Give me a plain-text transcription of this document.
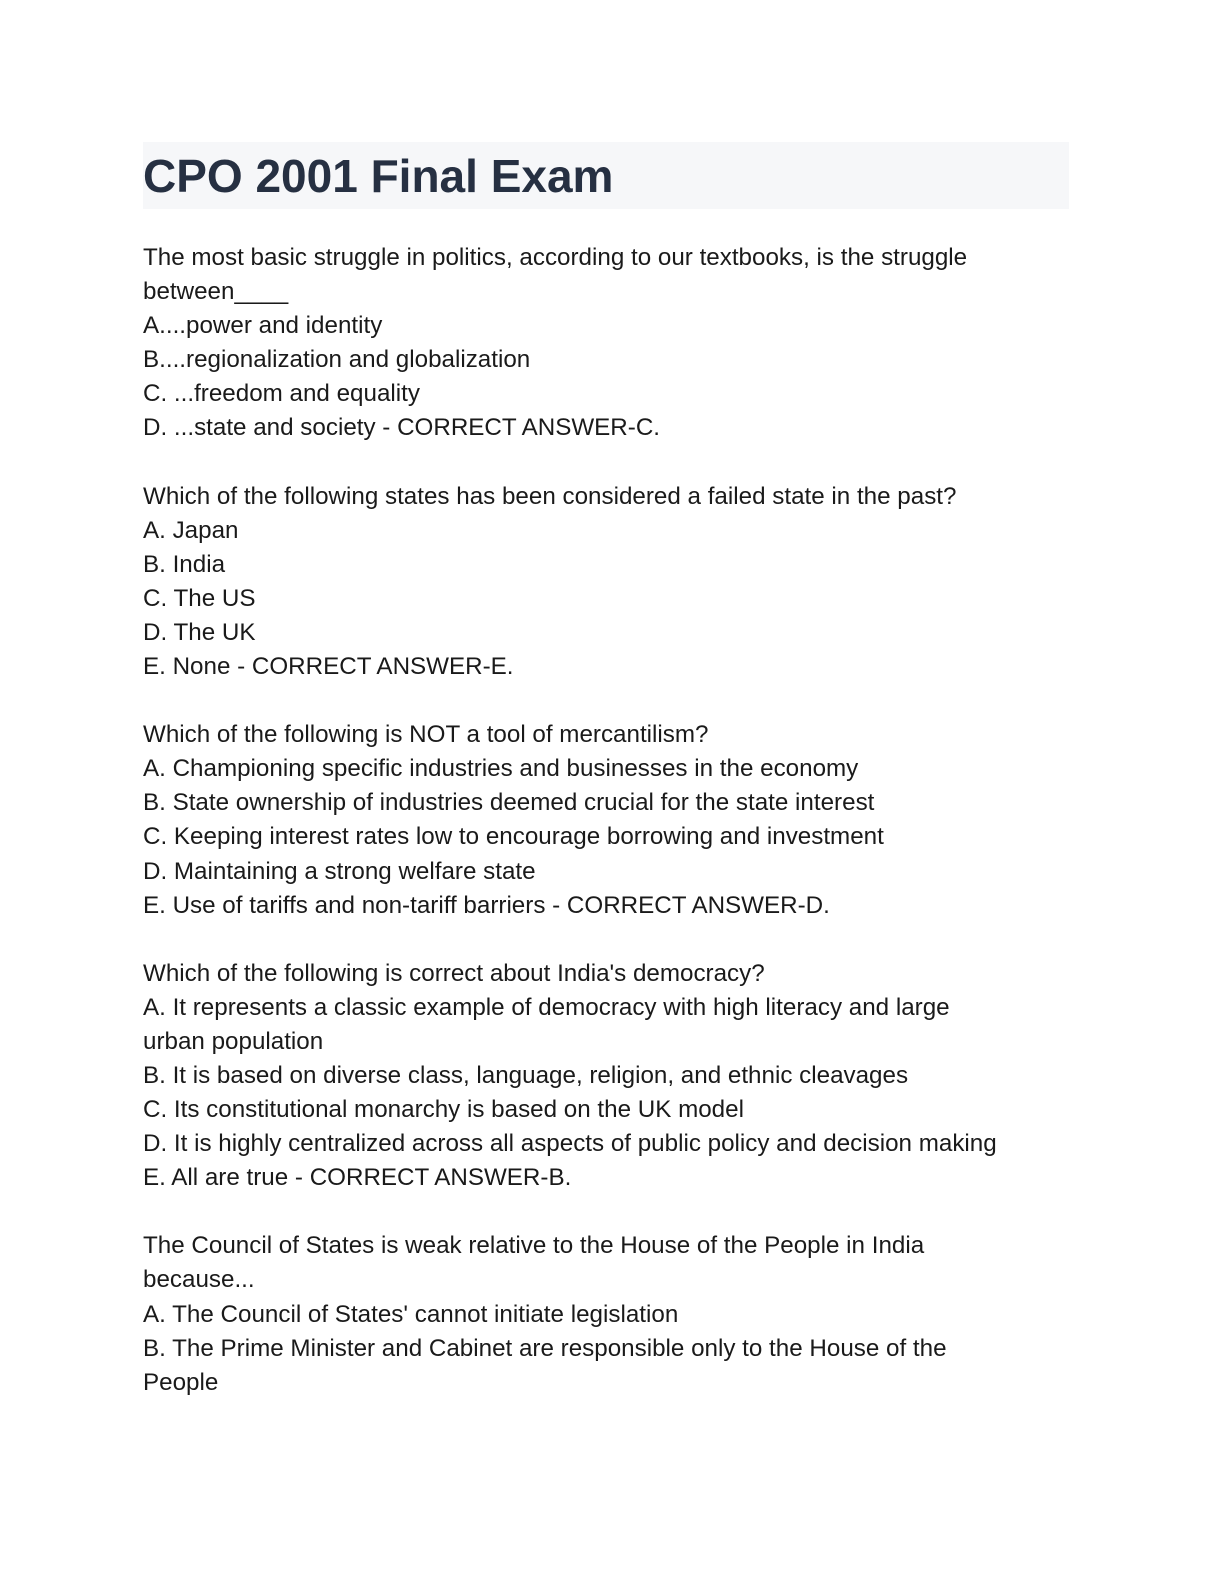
CPO 2001 Final Exam
The most basic struggle in politics, according to our textbooks, is the struggle
between____
A....power and identity
B....regionalization and globalization
C. ...freedom and equality
D. ...state and society - CORRECT ANSWER-C.
Which of the following states has been considered a failed state in the past?
A. Japan
B. India
C. The US
D. The UK
E. None - CORRECT ANSWER-E.
Which of the following is NOT a tool of mercantilism?
A. Championing specific industries and businesses in the economy
B. State ownership of industries deemed crucial for the state interest
C. Keeping interest rates low to encourage borrowing and investment
D. Maintaining a strong welfare state
E. Use of tariffs and non-tariff barriers - CORRECT ANSWER-D.
Which of the following is correct about India's democracy?
A. It represents a classic example of democracy with high literacy and large
urban population
B. It is based on diverse class, language, religion, and ethnic cleavages
C. Its constitutional monarchy is based on the UK model
D. It is highly centralized across all aspects of public policy and decision making
E. All are true - CORRECT ANSWER-B.
The Council of States is weak relative to the House of the People in India
because...
A. The Council of States' cannot initiate legislation
B. The Prime Minister and Cabinet are responsible only to the House of the
People
